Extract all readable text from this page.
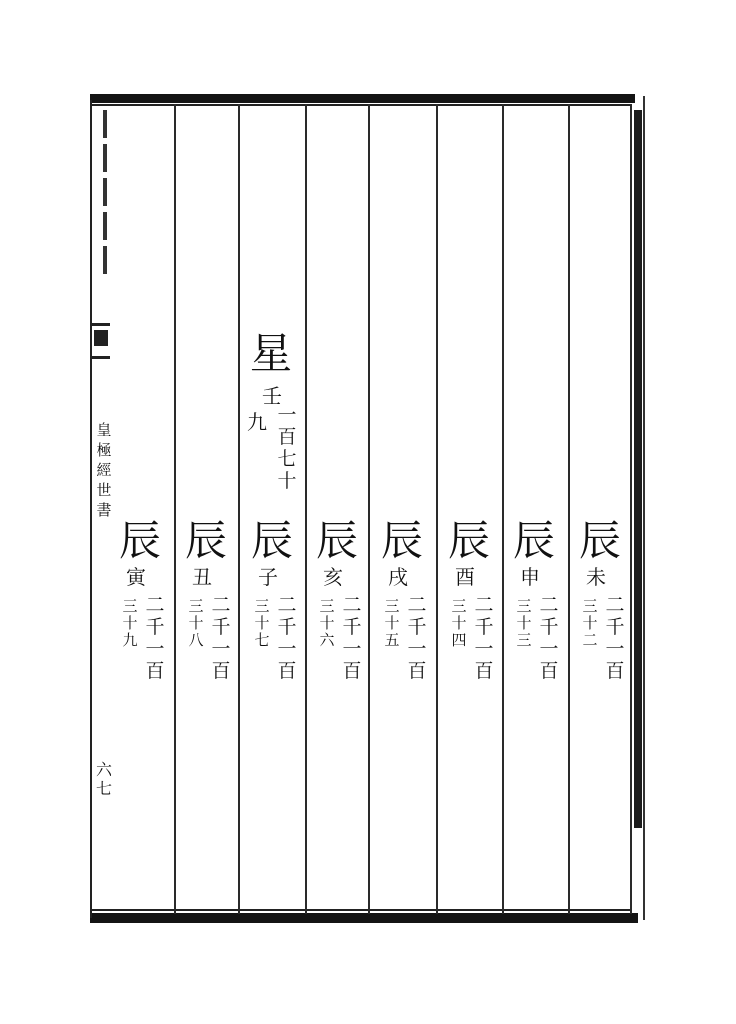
皇
極
經
世
書
六
七
星
壬
九 一
百
七
十
辰
未
二
千
一
百
三
十
二
辰
申
二
千
一
百
三
十
三
辰
酉
二
千
一
百
三
十
四
辰
戌
二
千
一
百
三
十
五
辰
亥
二
千
一
百
三
十
六
辰
子
二
千
一
百
三
十
七
辰
丑
二
千
一
百
三
十
八
辰
寅
二
千
一
百
三
十
九
